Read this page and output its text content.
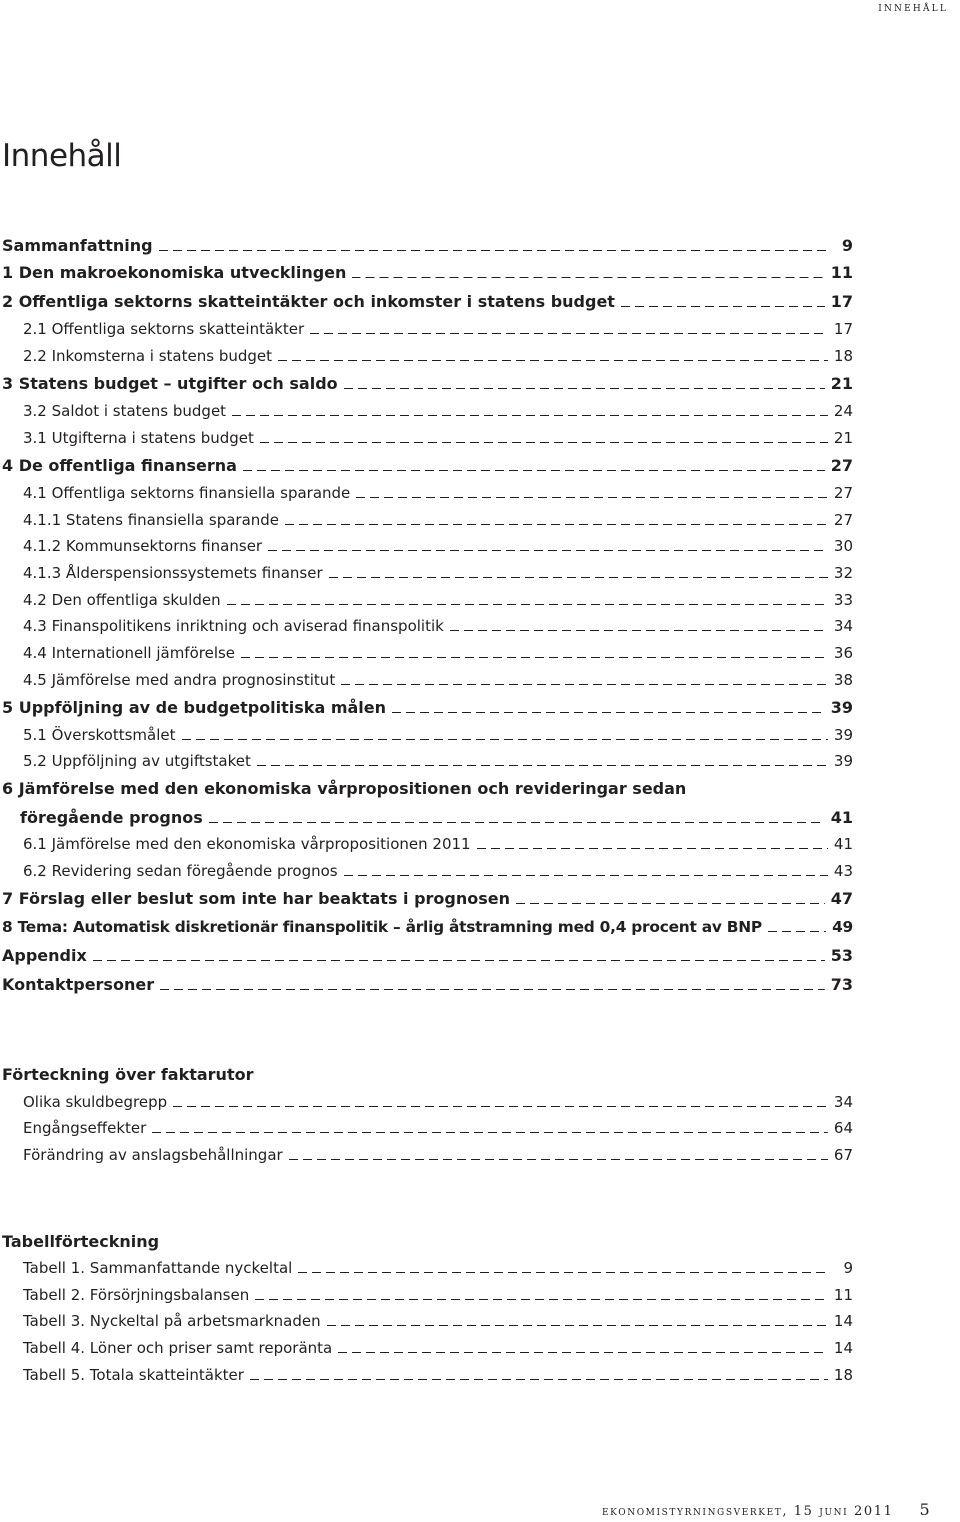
innehåll
Innehåll
Sammanfattning	9
1 Den makroekonomiska utvecklingen	11
2 Offentliga sektorns skatteintäkter och inkomster i statens budget	17
2.1 Offentliga sektorns skatteintäkter	17
2.2 Inkomsterna i statens budget	18
3 Statens budget – utgifter och saldo	21
3.2 Saldot i statens budget	24
3.1 Utgifterna i statens budget	21
4 De offentliga finanserna	27
4.1 Offentliga sektorns finansiella sparande	27
4.1.1 Statens finansiella sparande	27
4.1.2 Kommunsektorns finanser	30
4.1.3 Ålderspensionssystemets finanser	32
4.2 Den offentliga skulden	33
4.3 Finanspolitikens inriktning och aviserad finanspolitik	34
4.4 Internationell jämförelse	36
4.5 Jämförelse med andra prognosinstitut	38
5 Uppföljning av de budgetpolitiska målen	39
5.1 Överskottsmålet	39
5.2 Uppföljning av utgiftstaket	39
6 Jämförelse med den ekonomiska vårpropositionen och revideringar sedan
föregående prognos	41
6.1 Jämförelse med den ekonomiska vårpropositionen 2011	41
6.2 Revidering sedan föregående prognos	43
7 Förslag eller beslut som inte har beaktats i prognosen	47
8 Tema: Automatisk diskretionär finanspolitik – årlig åtstramning med 0,4 procent av BNP	49
Appendix	53
Kontaktpersoner	73
Förteckning över faktarutor
Olika skuldbegrepp	34
Engångseffekter	64
Förändring av anslagsbehållningar	67
Tabellförteckning
Tabell 1. Sammanfattande nyckeltal	9
Tabell 2. Försörjningsbalansen	11
Tabell 3. Nyckeltal på arbetsmarknaden	14
Tabell 4. Löner och priser samt reporänta	14
Tabell 5. Totala skatteintäkter	18
ekonomistyrningsverket, 15 juni 2011 5
